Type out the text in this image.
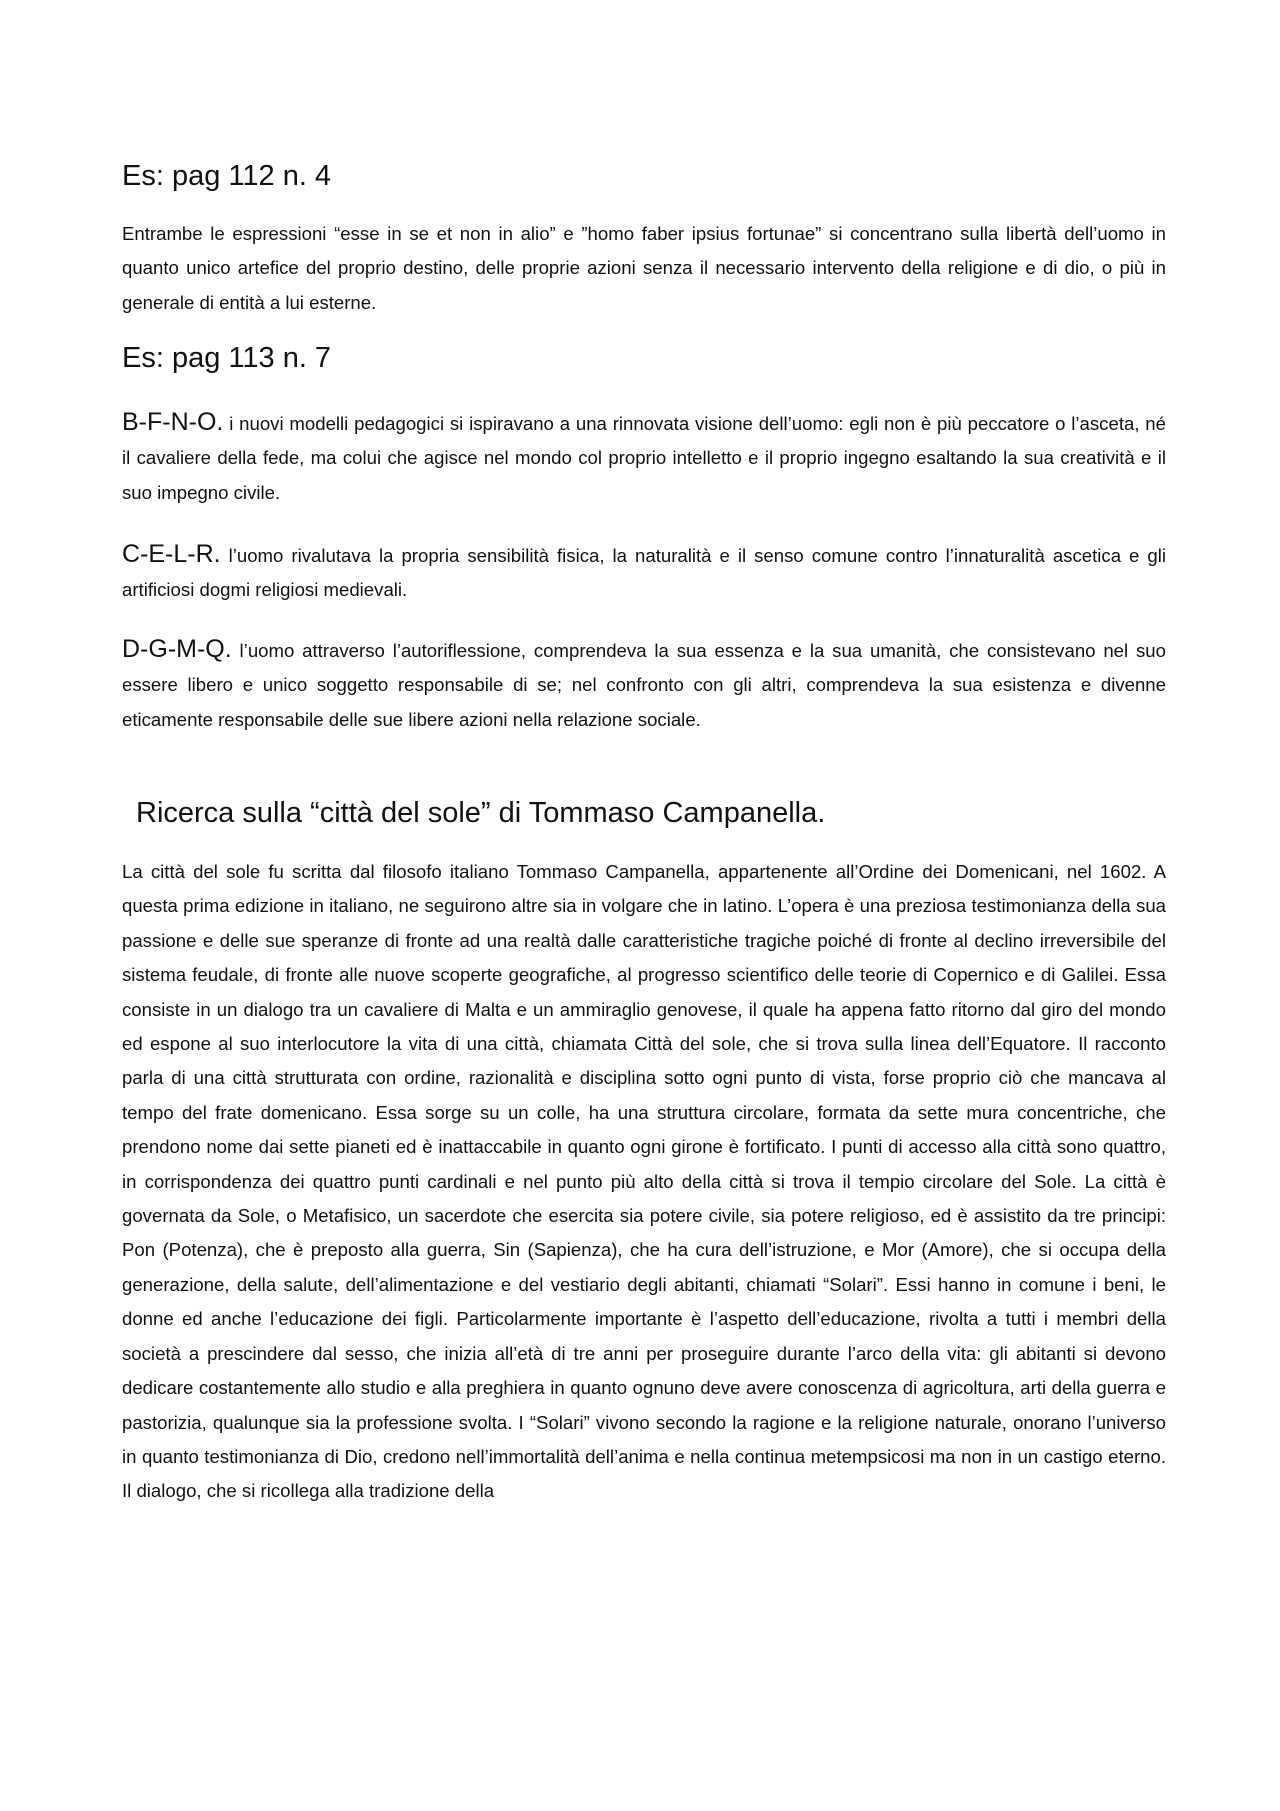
Es: pag 112 n. 4

Entrambe le espressioni “esse in se et non in alio” e ”homo faber ipsius fortunae” si concentrano sulla libertà dell’uomo in quanto unico artefice del proprio destino, delle proprie azioni senza il necessario intervento della religione e di dio, o più in generale di entità a lui esterne.

Es: pag 113 n. 7

B-F-N-O. i nuovi modelli pedagogici si ispiravano a una rinnovata visione dell’uomo: egli non è più peccatore o l’asceta, né il cavaliere della fede, ma colui che agisce nel mondo col proprio intelletto e il proprio ingegno esaltando la sua creatività e il suo impegno civile.

C-E-L-R. l’uomo rivalutava la propria sensibilità fisica, la naturalità e il senso comune contro l’innaturalità ascetica e gli artificiosi dogmi religiosi medievali.

D-G-M-Q. l’uomo attraverso l’autoriflessione, comprendeva la sua essenza e la sua umanità, che consistevano nel suo essere libero e unico soggetto responsabile di se; nel confronto con gli altri, comprendeva la sua esistenza e divenne eticamente responsabile delle sue libere azioni nella relazione sociale.

Ricerca sulla “città del sole” di Tommaso Campanella.

La città del sole fu scritta dal filosofo italiano Tommaso Campanella, appartenente all’Ordine dei Domenicani, nel 1602. A questa prima edizione in italiano, ne seguirono altre sia in volgare che in latino. L’opera è una preziosa testimonianza della sua passione e delle sue speranze di fronte ad una realtà dalle caratteristiche tragiche poiché di fronte al declino irreversibile del sistema feudale, di fronte alle nuove scoperte geografiche, al progresso scientifico delle teorie di Copernico e di Galilei. Essa consiste in un dialogo tra un cavaliere di Malta e un ammiraglio genovese, il quale ha appena fatto ritorno dal giro del mondo ed espone al suo interlocutore la vita di una città, chiamata Città del sole, che si trova sulla linea dell’Equatore. Il racconto parla di una città strutturata con ordine, razionalità e disciplina sotto ogni punto di vista, forse proprio ciò che mancava al tempo del frate domenicano. Essa sorge su un colle, ha una struttura circolare, formata da sette mura concentriche, che prendono nome dai sette pianeti ed è inattaccabile in quanto ogni girone è fortificato. I punti di accesso alla città sono quattro, in corrispondenza dei quattro punti cardinali e nel punto più alto della città si trova il tempio circolare del Sole. La città è governata da Sole, o Metafisico, un sacerdote che esercita sia potere civile, sia potere religioso, ed è assistito da tre principi: Pon (Potenza), che è preposto alla guerra, Sin (Sapienza), che ha cura dell’istruzione, e Mor (Amore), che si occupa della generazione, della salute, dell’alimentazione e del vestiario degli abitanti, chiamati “Solari”. Essi hanno in comune i beni, le donne ed anche l’educazione dei figli. Particolarmente importante è l’aspetto dell’educazione, rivolta a tutti i membri della società a prescindere dal sesso, che inizia all’età di tre anni per proseguire durante l’arco della vita: gli abitanti si devono dedicare costantemente allo studio e alla preghiera in quanto ognuno deve avere conoscenza di agricoltura, arti della guerra e pastorizia, qualunque sia la professione svolta. I “Solari” vivono secondo la ragione e la religione naturale, onorano l’universo in quanto testimonianza di Dio, credono nell’immortalità dell’anima e nella continua metempsicosi ma non in un castigo eterno. Il dialogo, che si ricollega alla tradizione della
